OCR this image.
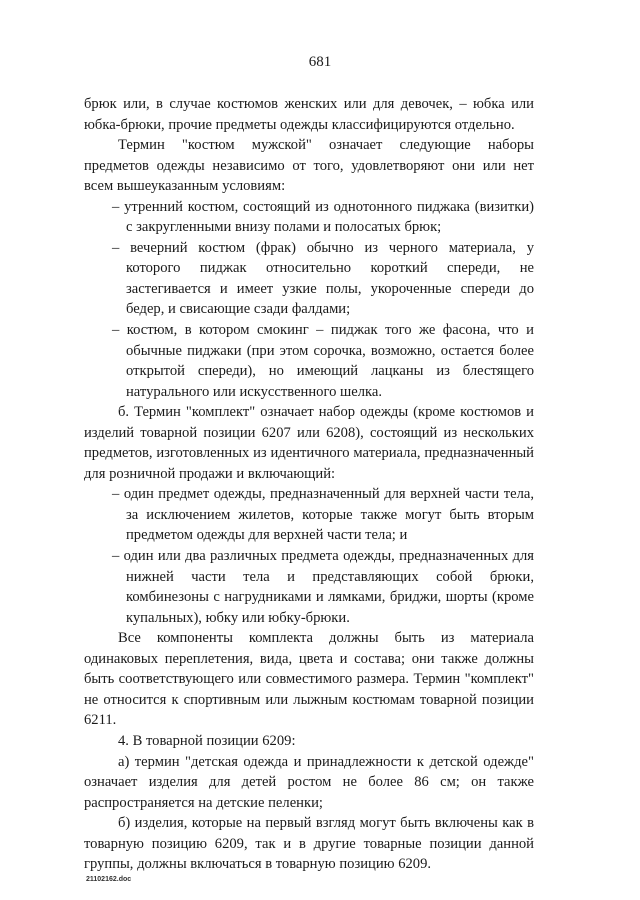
681

брюк или, в случае костюмов женских или для девочек, – юбка или юбка-брюки, прочие предметы одежды классифицируются отдельно.

Термин "костюм мужской" означает следующие наборы предметов одежды независимо от того, удовлетворяют они или нет всем вышеуказанным условиям:

– утренний костюм, состоящий из однотонного пиджака (визитки) с закругленными внизу полами и полосатых брюк;

– вечерний костюм (фрак) обычно из черного материала, у которого пиджак относительно короткий спереди, не застегивается и имеет узкие полы, укороченные спереди до бедер, и свисающие сзади фалдами;

– костюм, в котором смокинг – пиджак того же фасона, что и обычные пиджаки (при этом сорочка, возможно, остается более открытой спереди), но имеющий лацканы из блестящего натурального или искусственного шелка.

б. Термин "комплект" означает набор одежды (кроме костюмов и изделий товарной позиции 6207 или 6208), состоящий из нескольких предметов, изготовленных из идентичного материала, предназначенный для розничной продажи и включающий:

– один предмет одежды, предназначенный для верхней части тела, за исключением жилетов, которые также могут быть вторым предметом одежды для верхней части тела; и

– один или два различных предмета одежды, предназначенных для нижней части тела и представляющих собой брюки, комбинезоны с нагрудниками и лямками, бриджи, шорты (кроме купальных), юбку или юбку-брюки.

Все компоненты комплекта должны быть из материала одинаковых переплетения, вида, цвета и состава; они также должны быть соответствующего или совместимого размера. Термин "комплект" не относится к спортивным или лыжным костюмам товарной позиции 6211.

4. В товарной позиции 6209:

а) термин "детская одежда и принадлежности к детской одежде" означает изделия для детей ростом не более 86 см; он также распространяется на детские пеленки;

б) изделия, которые на первый взгляд могут быть включены как в товарную позицию 6209, так и в другие товарные позиции данной группы, должны включаться в товарную позицию 6209.

21102162.doc
